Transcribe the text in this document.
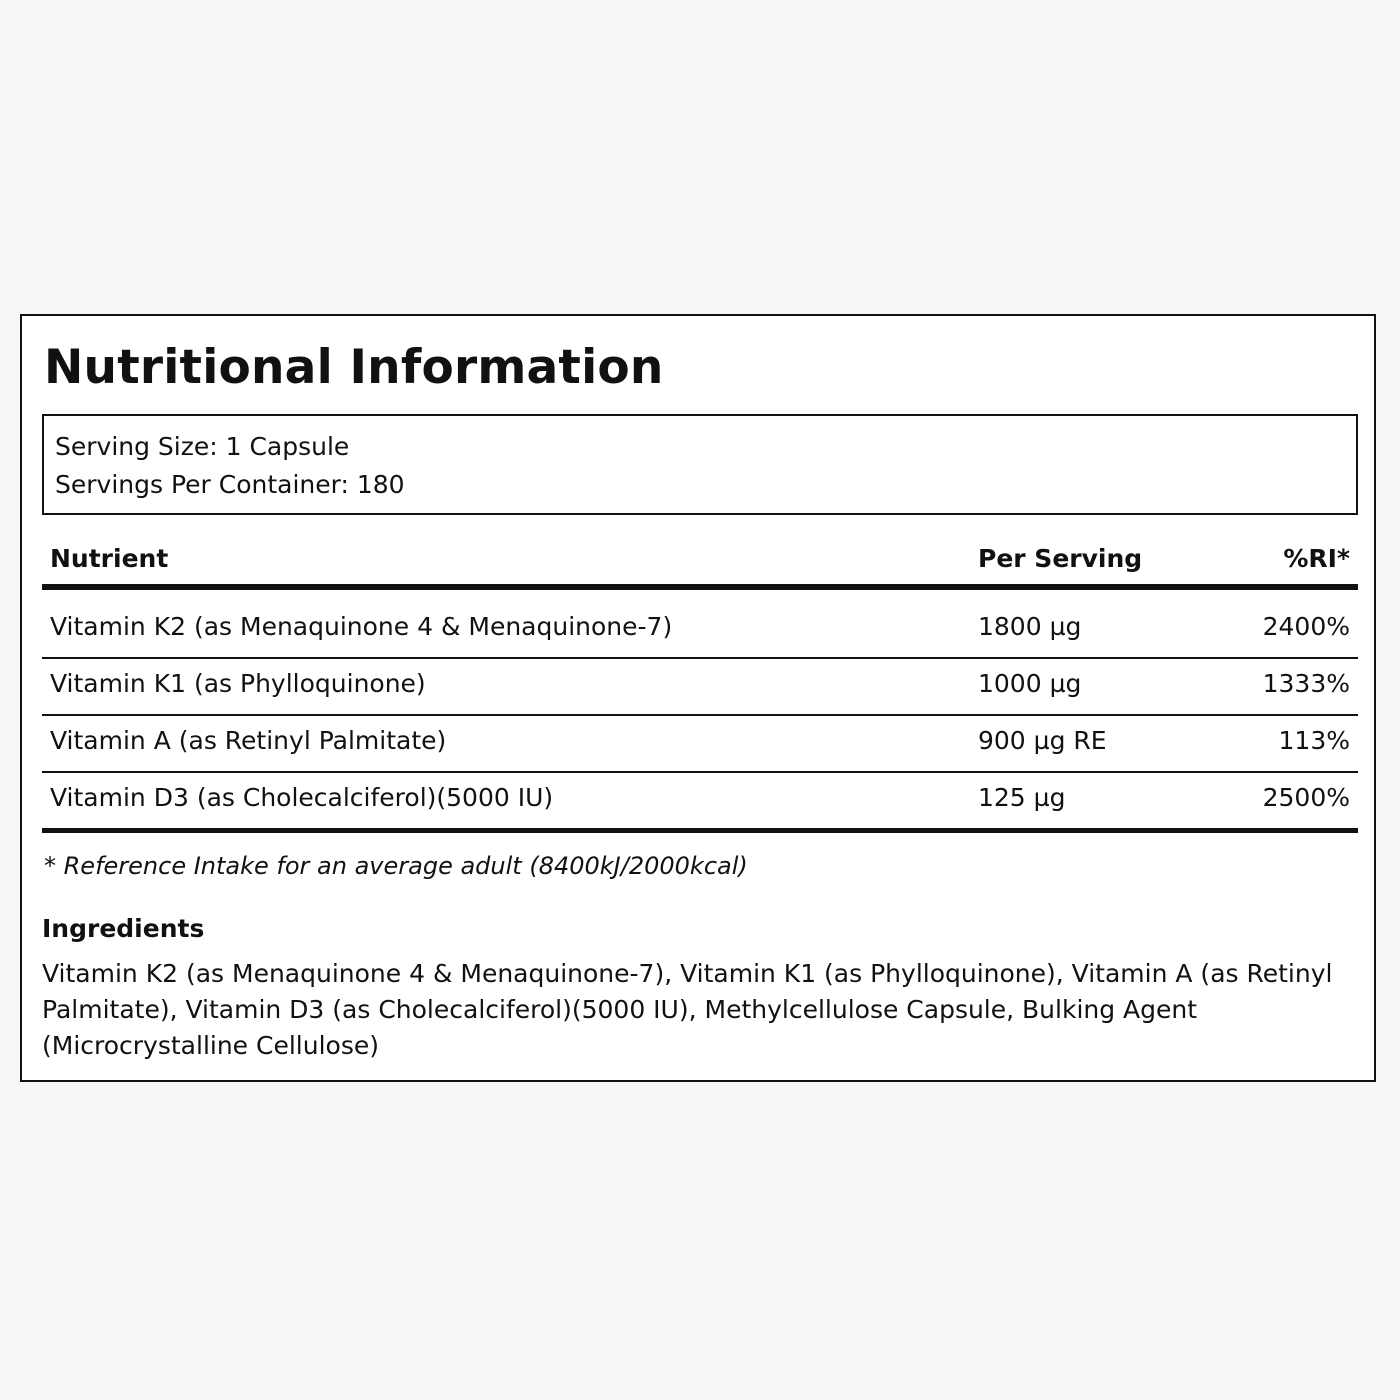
Nutritional Information
Serving Size: 1 Capsule
Servings Per Container: 180
Nutrient	Per Serving	%RI*
Vitamin K2 (as Menaquinone 4 & Menaquinone-7)	1800 µg	2400%
Vitamin K1 (as Phylloquinone)	1000 µg	1333%
Vitamin A (as Retinyl Palmitate)	900 µg RE	113%
Vitamin D3 (as Cholecalciferol)(5000 IU)	125 µg	2500%
* Reference Intake for an average adult (8400kJ/2000kcal)
Ingredients
Vitamin K2 (as Menaquinone 4 & Menaquinone-7), Vitamin K1 (as Phylloquinone), Vitamin A (as Retinyl Palmitate), Vitamin D3 (as Cholecalciferol)(5000 IU), Methylcellulose Capsule, Bulking Agent (Microcrystalline Cellulose)
